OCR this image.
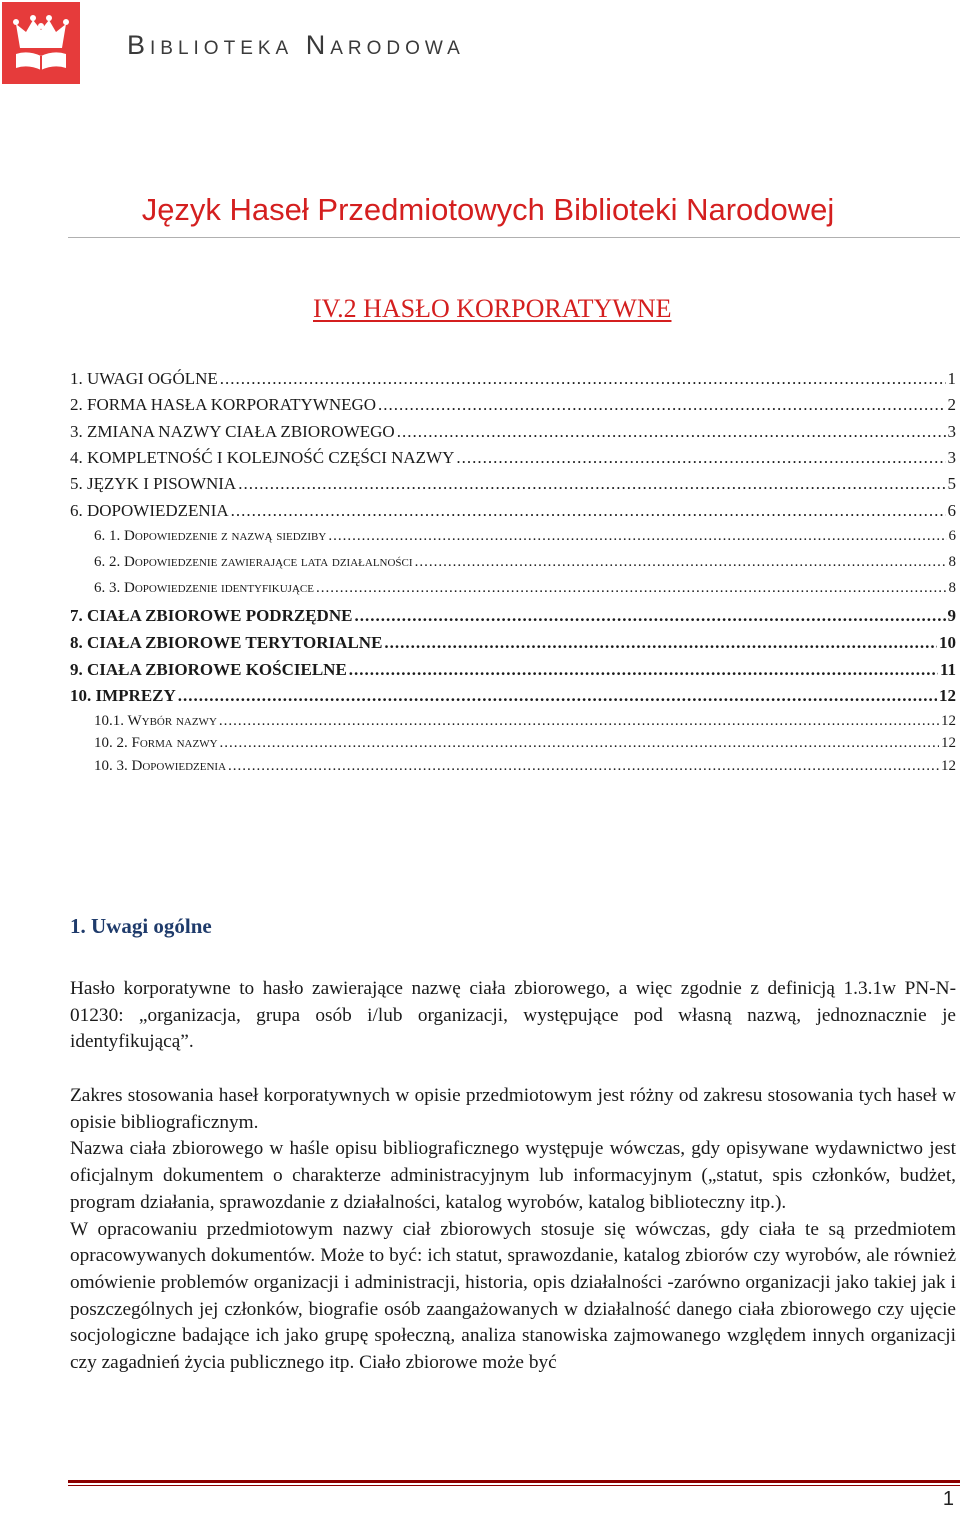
Biblioteka Narodowa
Język Haseł Przedmiotowych Biblioteki Narodowej
IV.2 HASŁO KORPORATYWNE
1. UWAGI OGÓLNE .....	1
2. FORMA HASŁA KORPORATYWNEGO .....	2
3. ZMIANA NAZWY CIAŁA ZBIOROWEGO .....	3
4. KOMPLETNOŚĆ I KOLEJNOŚĆ CZĘŚCI NAZWY .....	3
5. JĘZYK I PISOWNIA .....	5
6. DOPOWIEDZENIA .....	6
6. 1. Dopowiedzenie z nazwą siedziby .....	6
6. 2. Dopowiedzenie zawierające lata działalności .....	8
6. 3. Dopowiedzenie identyfikujące .....	8
7. CIAŁA ZBIOROWE PODRZĘDNE .....	9
8. CIAŁA ZBIOROWE TERYTORIALNE .....	10
9. CIAŁA ZBIOROWE KOŚCIELNE .....	11
10. IMPREZY .....	12
10.1. Wybór nazwy .....	12
10. 2. Forma nazwy .....	12
10. 3. Dopowiedzenia .....	12
1. Uwagi ogólne

Hasło korporatywne to hasło zawierające nazwę ciała zbiorowego, a więc zgodnie z definicją 1.3.1w PN-N-01230: „organizacja, grupa osób i/lub organizacji, występujące pod własną nazwą, jednoznacznie je identyfikującą”.

Zakres stosowania haseł korporatywnych w opisie przedmiotowym jest różny od zakresu stosowania tych haseł w opisie bibliograficznym.

Nazwa ciała zbiorowego w haśle opisu bibliograficznego występuje wówczas, gdy opisywane wydawnictwo jest oficjalnym dokumentem o charakterze administracyjnym lub informacyjnym („statut, spis członków, budżet, program działania, sprawozdanie z działalności, katalog wyrobów, katalog biblioteczny itp.).

W opracowaniu przedmiotowym nazwy ciał zbiorowych stosuje się wówczas, gdy ciała te są przedmiotem opracowywanych dokumentów. Może to być: ich statut, sprawozdanie, katalog zbiorów czy wyrobów, ale również omówienie problemów organizacji i administracji, historia, opis działalności -zarówno organizacji jako takiej jak i poszczególnych jej członków, biografie osób zaangażowanych w działalność danego ciała zbiorowego czy ujęcie socjologiczne badające ich jako grupę społeczną, analiza stanowiska zajmowanego względem innych organizacji czy zagadnień życia publicznego itp. Ciało zbiorowe może być

1
